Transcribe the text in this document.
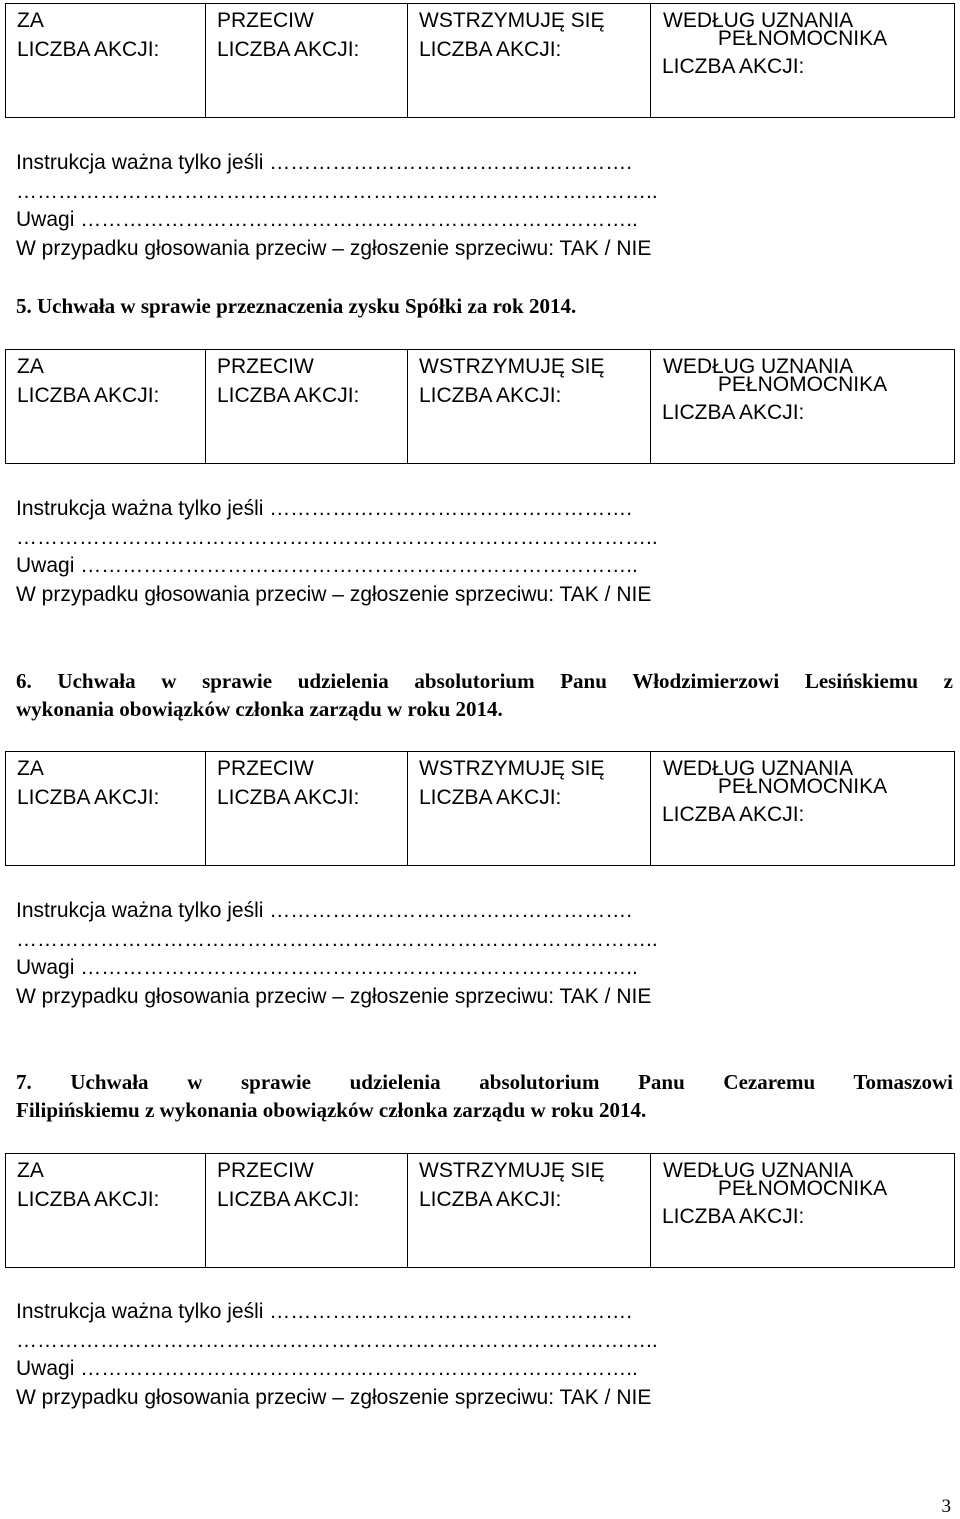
ZA
LICZBA AKCJI:

PRZECIW
LICZBA AKCJI:

WSTRZYMUJĘ SIĘ
LICZBA AKCJI:

WEDŁUG UZNANIA
PEŁNOMOCNIKA
LICZBA AKCJI:
Instrukcja ważna tylko jeśli …………………………………………….
………………………………………………………………………………..
Uwagi ……………………………………………………………………..
W przypadku głosowania przeciw – zgłoszenie sprzeciwu: TAK / NIE
5. Uchwała w sprawie przeznaczenia zysku Spółki za rok 2014.
ZA
LICZBA AKCJI:

PRZECIW
LICZBA AKCJI:

WSTRZYMUJĘ SIĘ
LICZBA AKCJI:

WEDŁUG UZNANIA
PEŁNOMOCNIKA
LICZBA AKCJI:
Instrukcja ważna tylko jeśli …………………………………………….
………………………………………………………………………………..
Uwagi ……………………………………………………………………..
W przypadku głosowania przeciw – zgłoszenie sprzeciwu: TAK / NIE
6. Uchwała w sprawie udzielenia absolutorium Panu Włodzimierzowi Lesińskiemu z
wykonania obowiązków członka zarządu w roku 2014.
ZA
LICZBA AKCJI:

PRZECIW
LICZBA AKCJI:

WSTRZYMUJĘ SIĘ
LICZBA AKCJI:

WEDŁUG UZNANIA
PEŁNOMOCNIKA
LICZBA AKCJI:
Instrukcja ważna tylko jeśli …………………………………………….
………………………………………………………………………………..
Uwagi ……………………………………………………………………..
W przypadku głosowania przeciw – zgłoszenie sprzeciwu: TAK / NIE
7. Uchwała w sprawie udzielenia absolutorium Panu Cezaremu Tomaszowi
Filipińskiemu z wykonania obowiązków członka zarządu w roku 2014.
ZA
LICZBA AKCJI:

PRZECIW
LICZBA AKCJI:

WSTRZYMUJĘ SIĘ
LICZBA AKCJI:

WEDŁUG UZNANIA
PEŁNOMOCNIKA
LICZBA AKCJI:
Instrukcja ważna tylko jeśli …………………………………………….
………………………………………………………………………………..
Uwagi ……………………………………………………………………..
W przypadku głosowania przeciw – zgłoszenie sprzeciwu: TAK / NIE
3
